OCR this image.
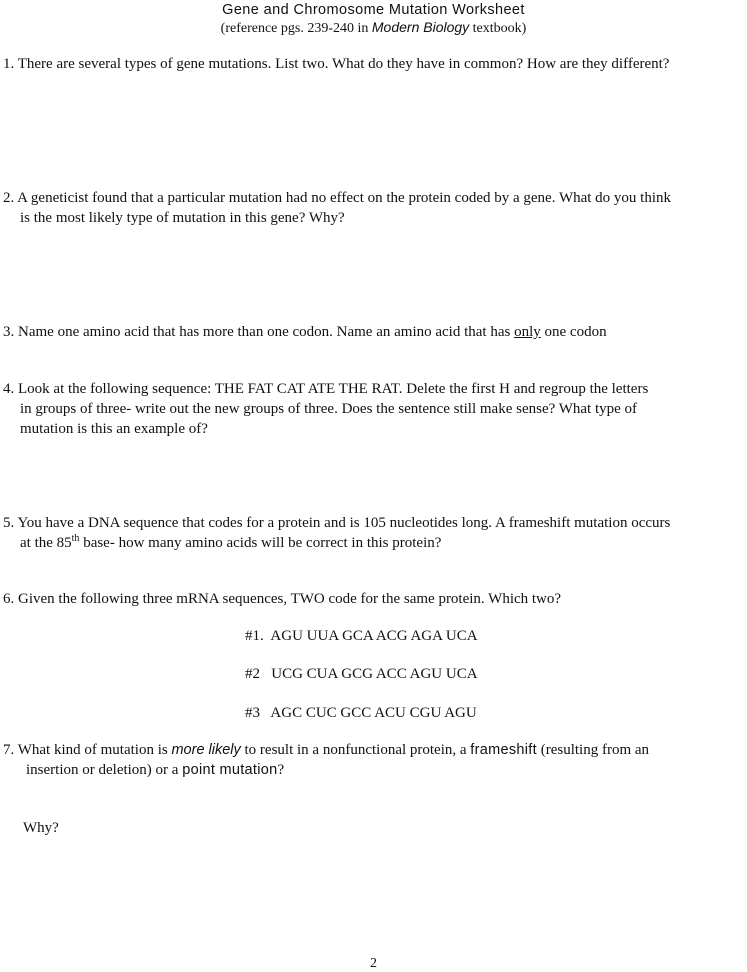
Gene and Chromosome Mutation Worksheet
(reference pgs. 239-240 in Modern Biology textbook)
1. There are several types of gene mutations. List two. What do they have in common? How are they different?
2. A geneticist found that a particular mutation had no effect on the protein coded by a gene. What do you think
is the most likely type of mutation in this gene? Why?
3. Name one amino acid that has more than one codon. Name an amino acid that has only one codon
4. Look at the following sequence: THE FAT CAT ATE THE RAT. Delete the first H and regroup the letters
in groups of three- write out the new groups of three. Does the sentence still make sense? What type of
mutation is this an example of?
5. You have a DNA sequence that codes for a protein and is 105 nucleotides long. A frameshift mutation occurs
at the 85th base- how many amino acids will be correct in this protein?
6. Given the following three mRNA sequences, TWO code for the same protein. Which two?
#1.  AGU UUA GCA ACG AGA UCA
#2   UCG CUA GCG ACC AGU UCA
#3   AGC CUC GCC ACU CGU AGU
7. What kind of mutation is more likely to result in a nonfunctional protein, a frameshift (resulting from an
insertion or deletion) or a point mutation?
Why?
2
